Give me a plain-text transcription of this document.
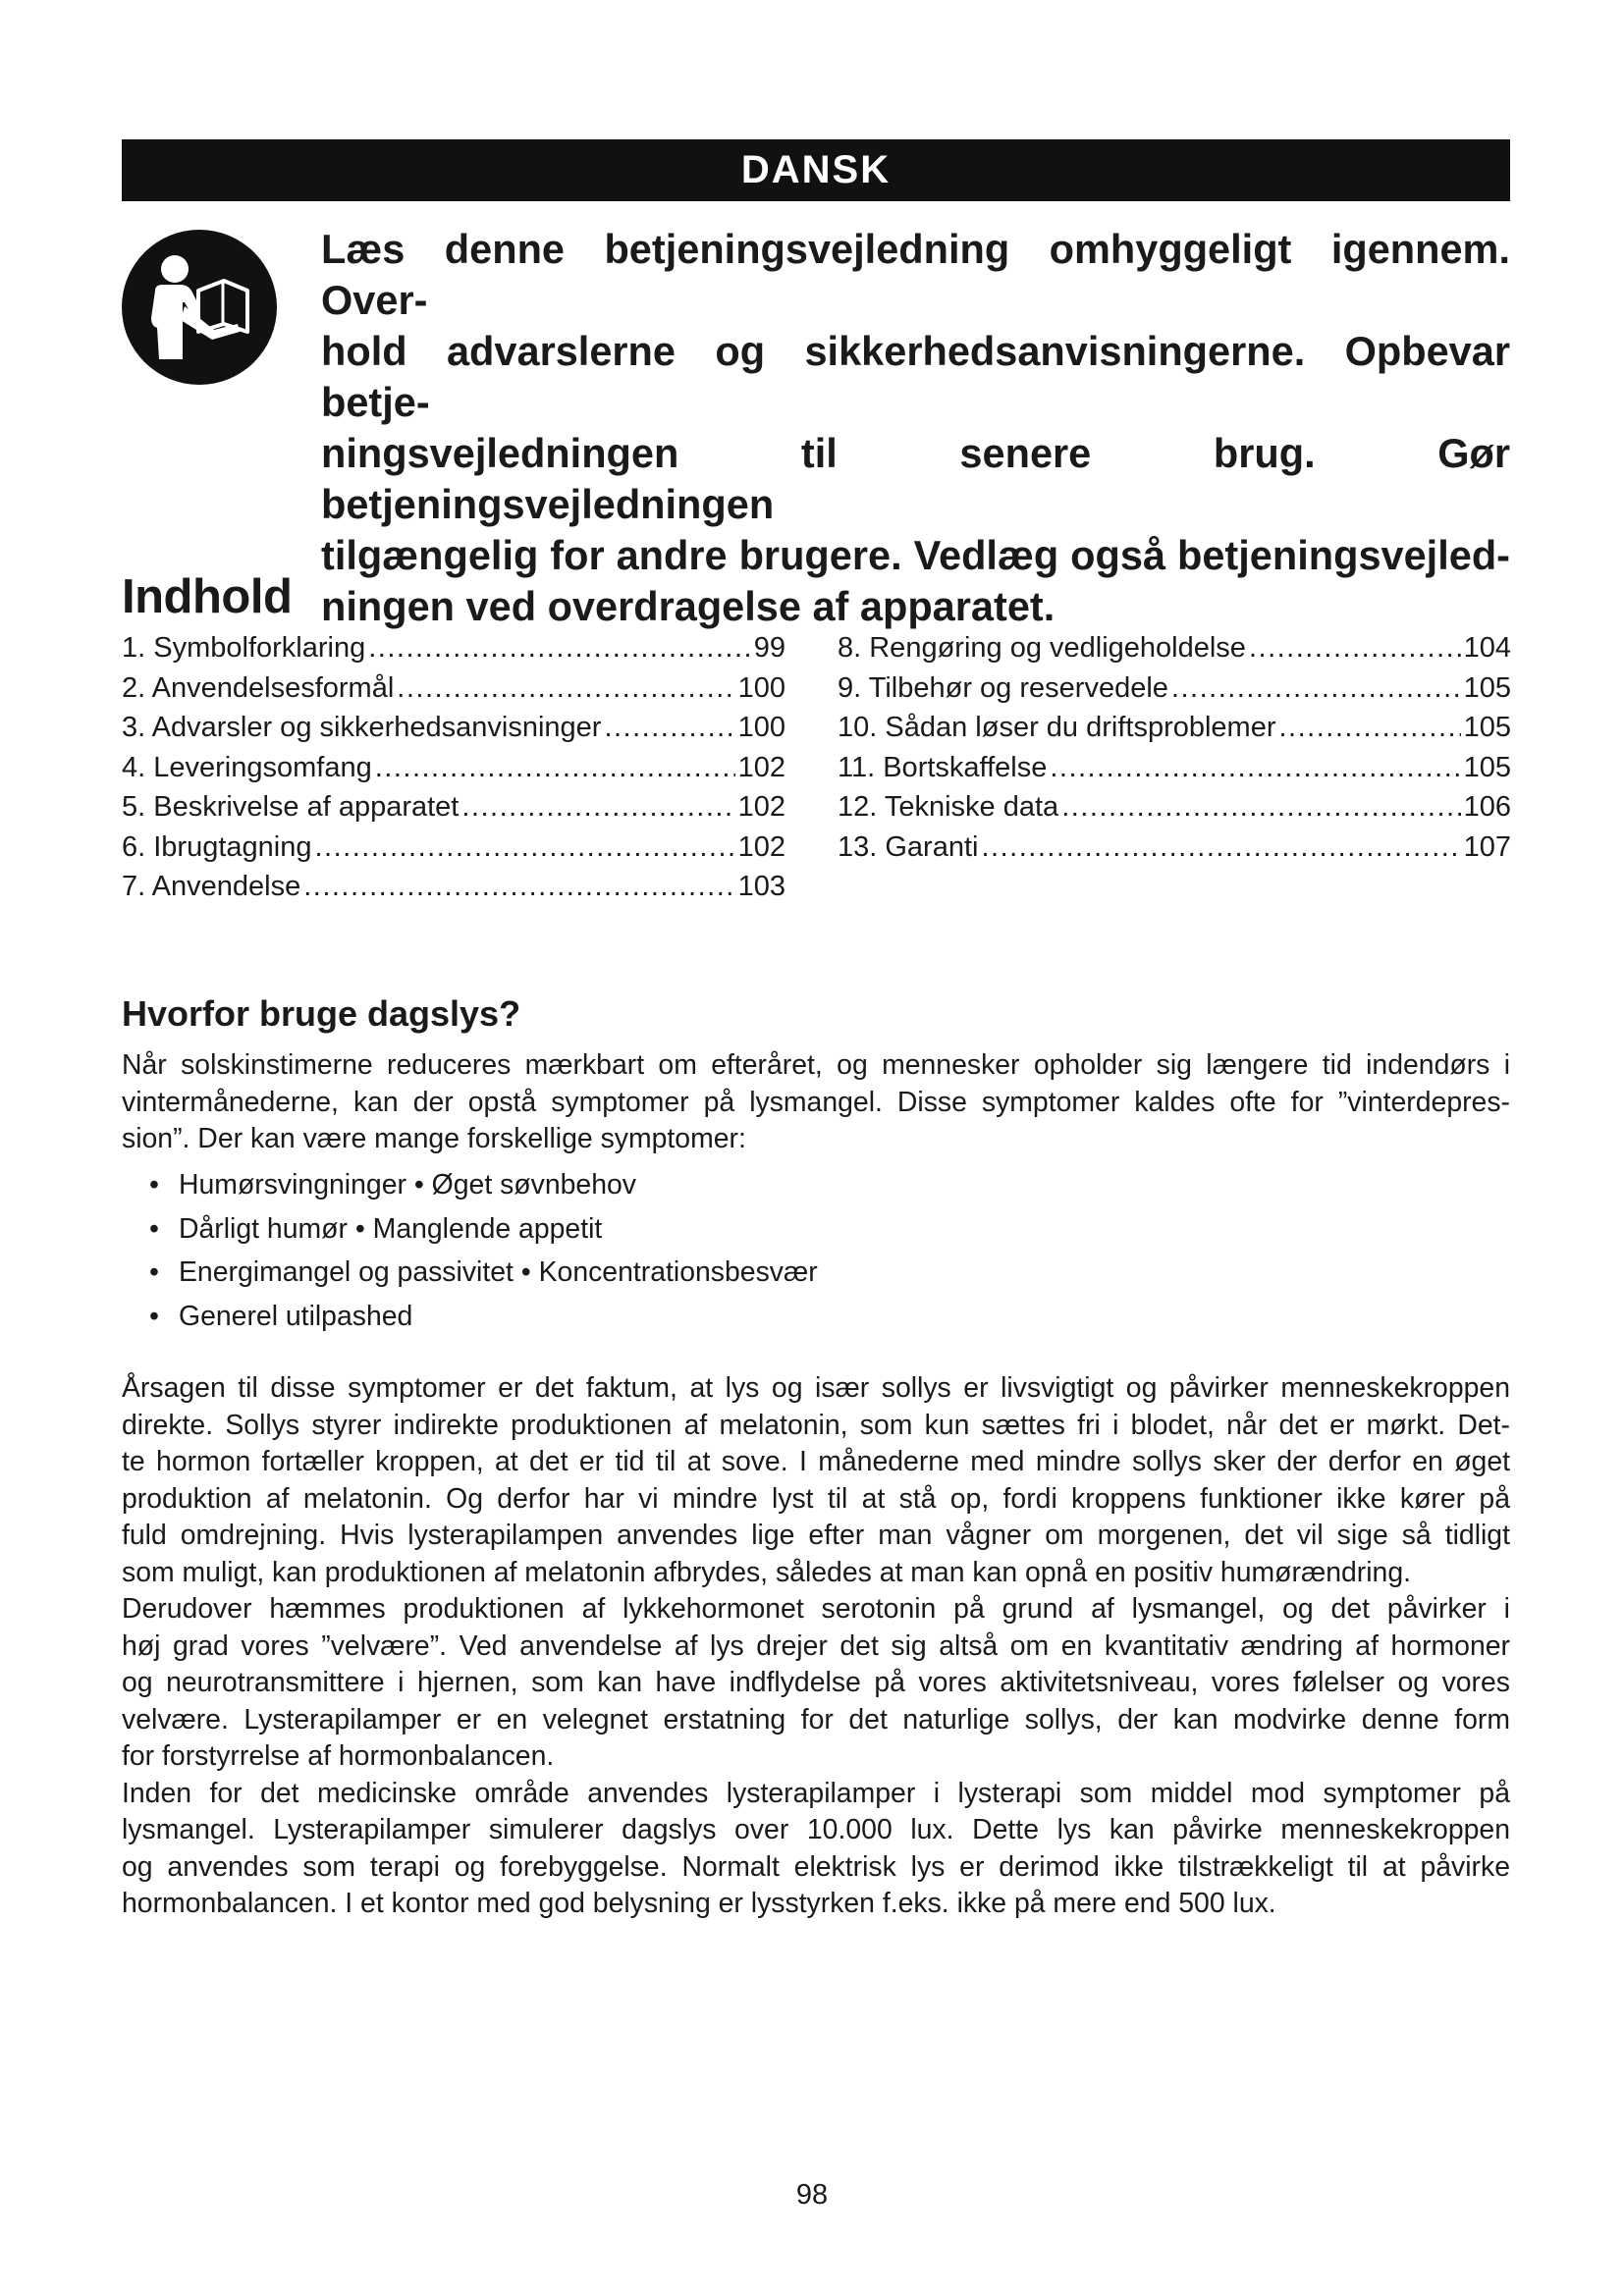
DANSK

Læs denne betjeningsvejledning omhyggeligt igennem. Over-
hold advarslerne og sikkerhedsanvisningerne. Opbevar betje-
ningsvejledningen til senere brug. Gør betjeningsvejledningen
tilgængelig for andre brugere. Vedlæg også betjeningsvejled-
ningen ved overdragelse af apparatet.

Indhold
1. Symbolforklaring .....	99
2. Anvendelsesformål .....	100
3. Advarsler og sikkerhedsanvisninger .....	100
4. Leveringsomfang .....	102
5. Beskrivelse af apparatet .....	102
6. Ibrugtagning .....	102
7. Anvendelse .....	103
8. Rengøring og vedligeholdelse .....	104
9. Tilbehør og reservedele .....	105
10. Sådan løser du driftsproblemer .....	105
11. Bortskaffelse .....	105
12. Tekniske data .....	106
13. Garanti .....	107
Hvorfor bruge dagslys?

Når solskinstimerne reduceres mærkbart om efteråret, og mennesker opholder sig længere tid indendørs i
vintermånederne, kan der opstå symptomer på lysmangel. Disse symptomer kaldes ofte for ”vinterdepres-
sion”. Der kan være mange forskellige symptomer:

• Humørsvingninger • Øget søvnbehov
• Dårligt humør • Manglende appetit
• Energimangel og passivitet • Koncentrationsbesvær
• Generel utilpashed

Årsagen til disse symptomer er det faktum, at lys og især sollys er livsvigtigt og påvirker menneskekroppen
direkte. Sollys styrer indirekte produktionen af melatonin, som kun sættes fri i blodet, når det er mørkt. Det-
te hormon fortæller kroppen, at det er tid til at sove. I månederne med mindre sollys sker der derfor en øget
produktion af melatonin. Og derfor har vi mindre lyst til at stå op, fordi kroppens funktioner ikke kører på
fuld omdrejning. Hvis lysterapilampen anvendes lige efter man vågner om morgenen, det vil sige så tidligt
som muligt, kan produktionen af melatonin afbrydes, således at man kan opnå en positiv humørændring.
Derudover hæmmes produktionen af lykkehormonet serotonin på grund af lysmangel, og det påvirker i
høj grad vores ”velvære”. Ved anvendelse af lys drejer det sig altså om en kvantitativ ændring af hormoner
og neurotransmittere i hjernen, som kan have indflydelse på vores aktivitetsniveau, vores følelser og vores
velvære. Lysterapilamper er en velegnet erstatning for det naturlige sollys, der kan modvirke denne form
for forstyrrelse af hormonbalancen.
Inden for det medicinske område anvendes lysterapilamper i lysterapi som middel mod symptomer på
lysmangel. Lysterapilamper simulerer dagslys over 10.000 lux. Dette lys kan påvirke menneskekroppen
og anvendes som terapi og forebyggelse. Normalt elektrisk lys er derimod ikke tilstrækkeligt til at påvirke
hormonbalancen. I et kontor med god belysning er lysstyrken f.eks. ikke på mere end 500 lux.

98
